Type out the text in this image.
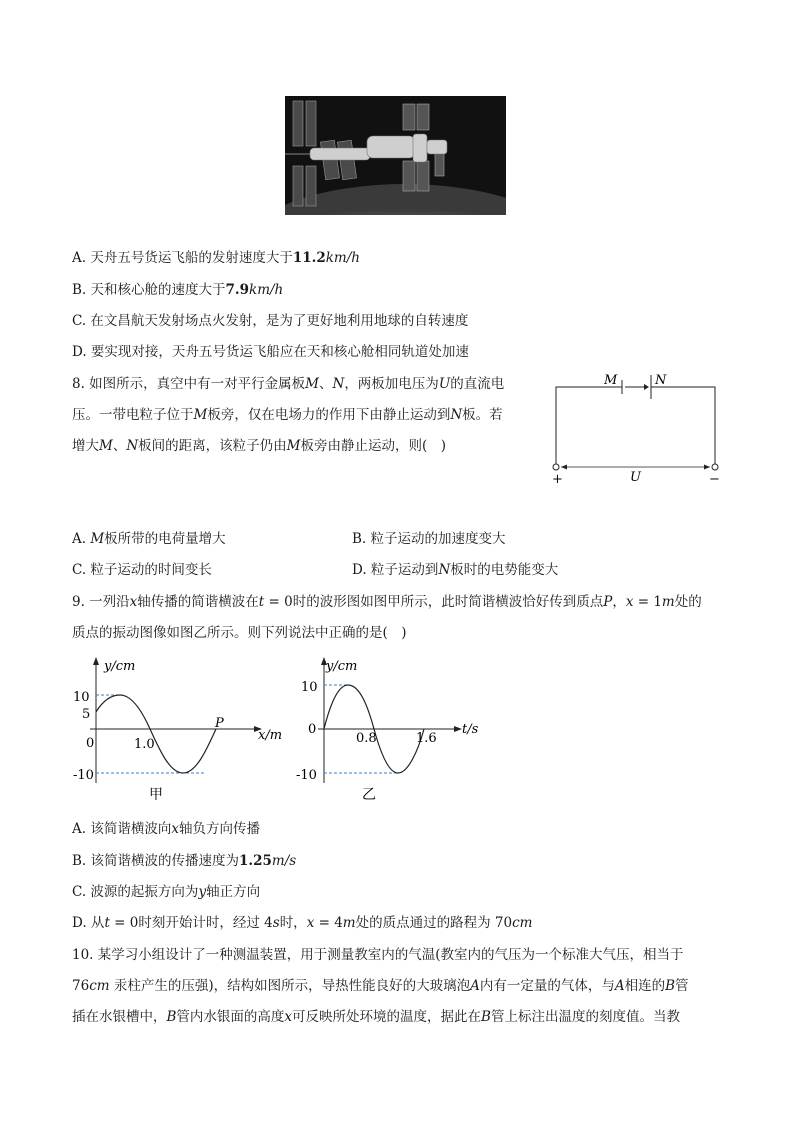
A. 天舟五号货运飞船的发射速度大于11.2km/h
B. 天和核心舱的速度大于7.9km/h
C. 在文昌航天发射场点火发射，是为了更好地利用地球的自转速度
D. 要实现对接，天舟五号货运飞船应在天和核心舱相同轨道处加速
8. 如图所示，真空中有一对平行金属板M、N，两板加电压为U的直流电
压。一带电粒子位于M板旁，仅在电场力的作用下由静止运动到N板。若
增大M、N板间的距离，该粒子仍由M板旁由静止运动，则(　)
M	N
U
+	−
A. M板所带的电荷量增大	B. 粒子运动的加速度变大
C. 粒子运动的时间变长	D. 粒子运动到N板时的电势能变大
9. 一列沿x轴传播的简谐横波在t = 0时的波形图如图甲所示，此时简谐横波恰好传到质点P，x = 1m处的
质点的振动图像如图乙所示。则下列说法中正确的是(　)
y/cm
10
5
0
-10
1.0
P
x/m
甲
y/cm
10
0
-10
0.8	1.6
t/s
乙
A. 该简谐横波向x轴负方向传播
B. 该简谐横波的传播速度为1.25m/s
C. 波源的起振方向为y轴正方向
D. 从t = 0时刻开始计时，经过 4s时，x = 4m处的质点通过的路程为 70cm
10. 某学习小组设计了一种测温装置，用于测量教室内的气温(教室内的气压为一个标准大气压，相当于
76cm 汞柱产生的压强)，结构如图所示，导热性能良好的大玻璃泡A内有一定量的气体，与A相连的B管
插在水银槽中，B管内水银面的高度x可反映所处环境的温度，据此在B管上标注出温度的刻度值。当教
